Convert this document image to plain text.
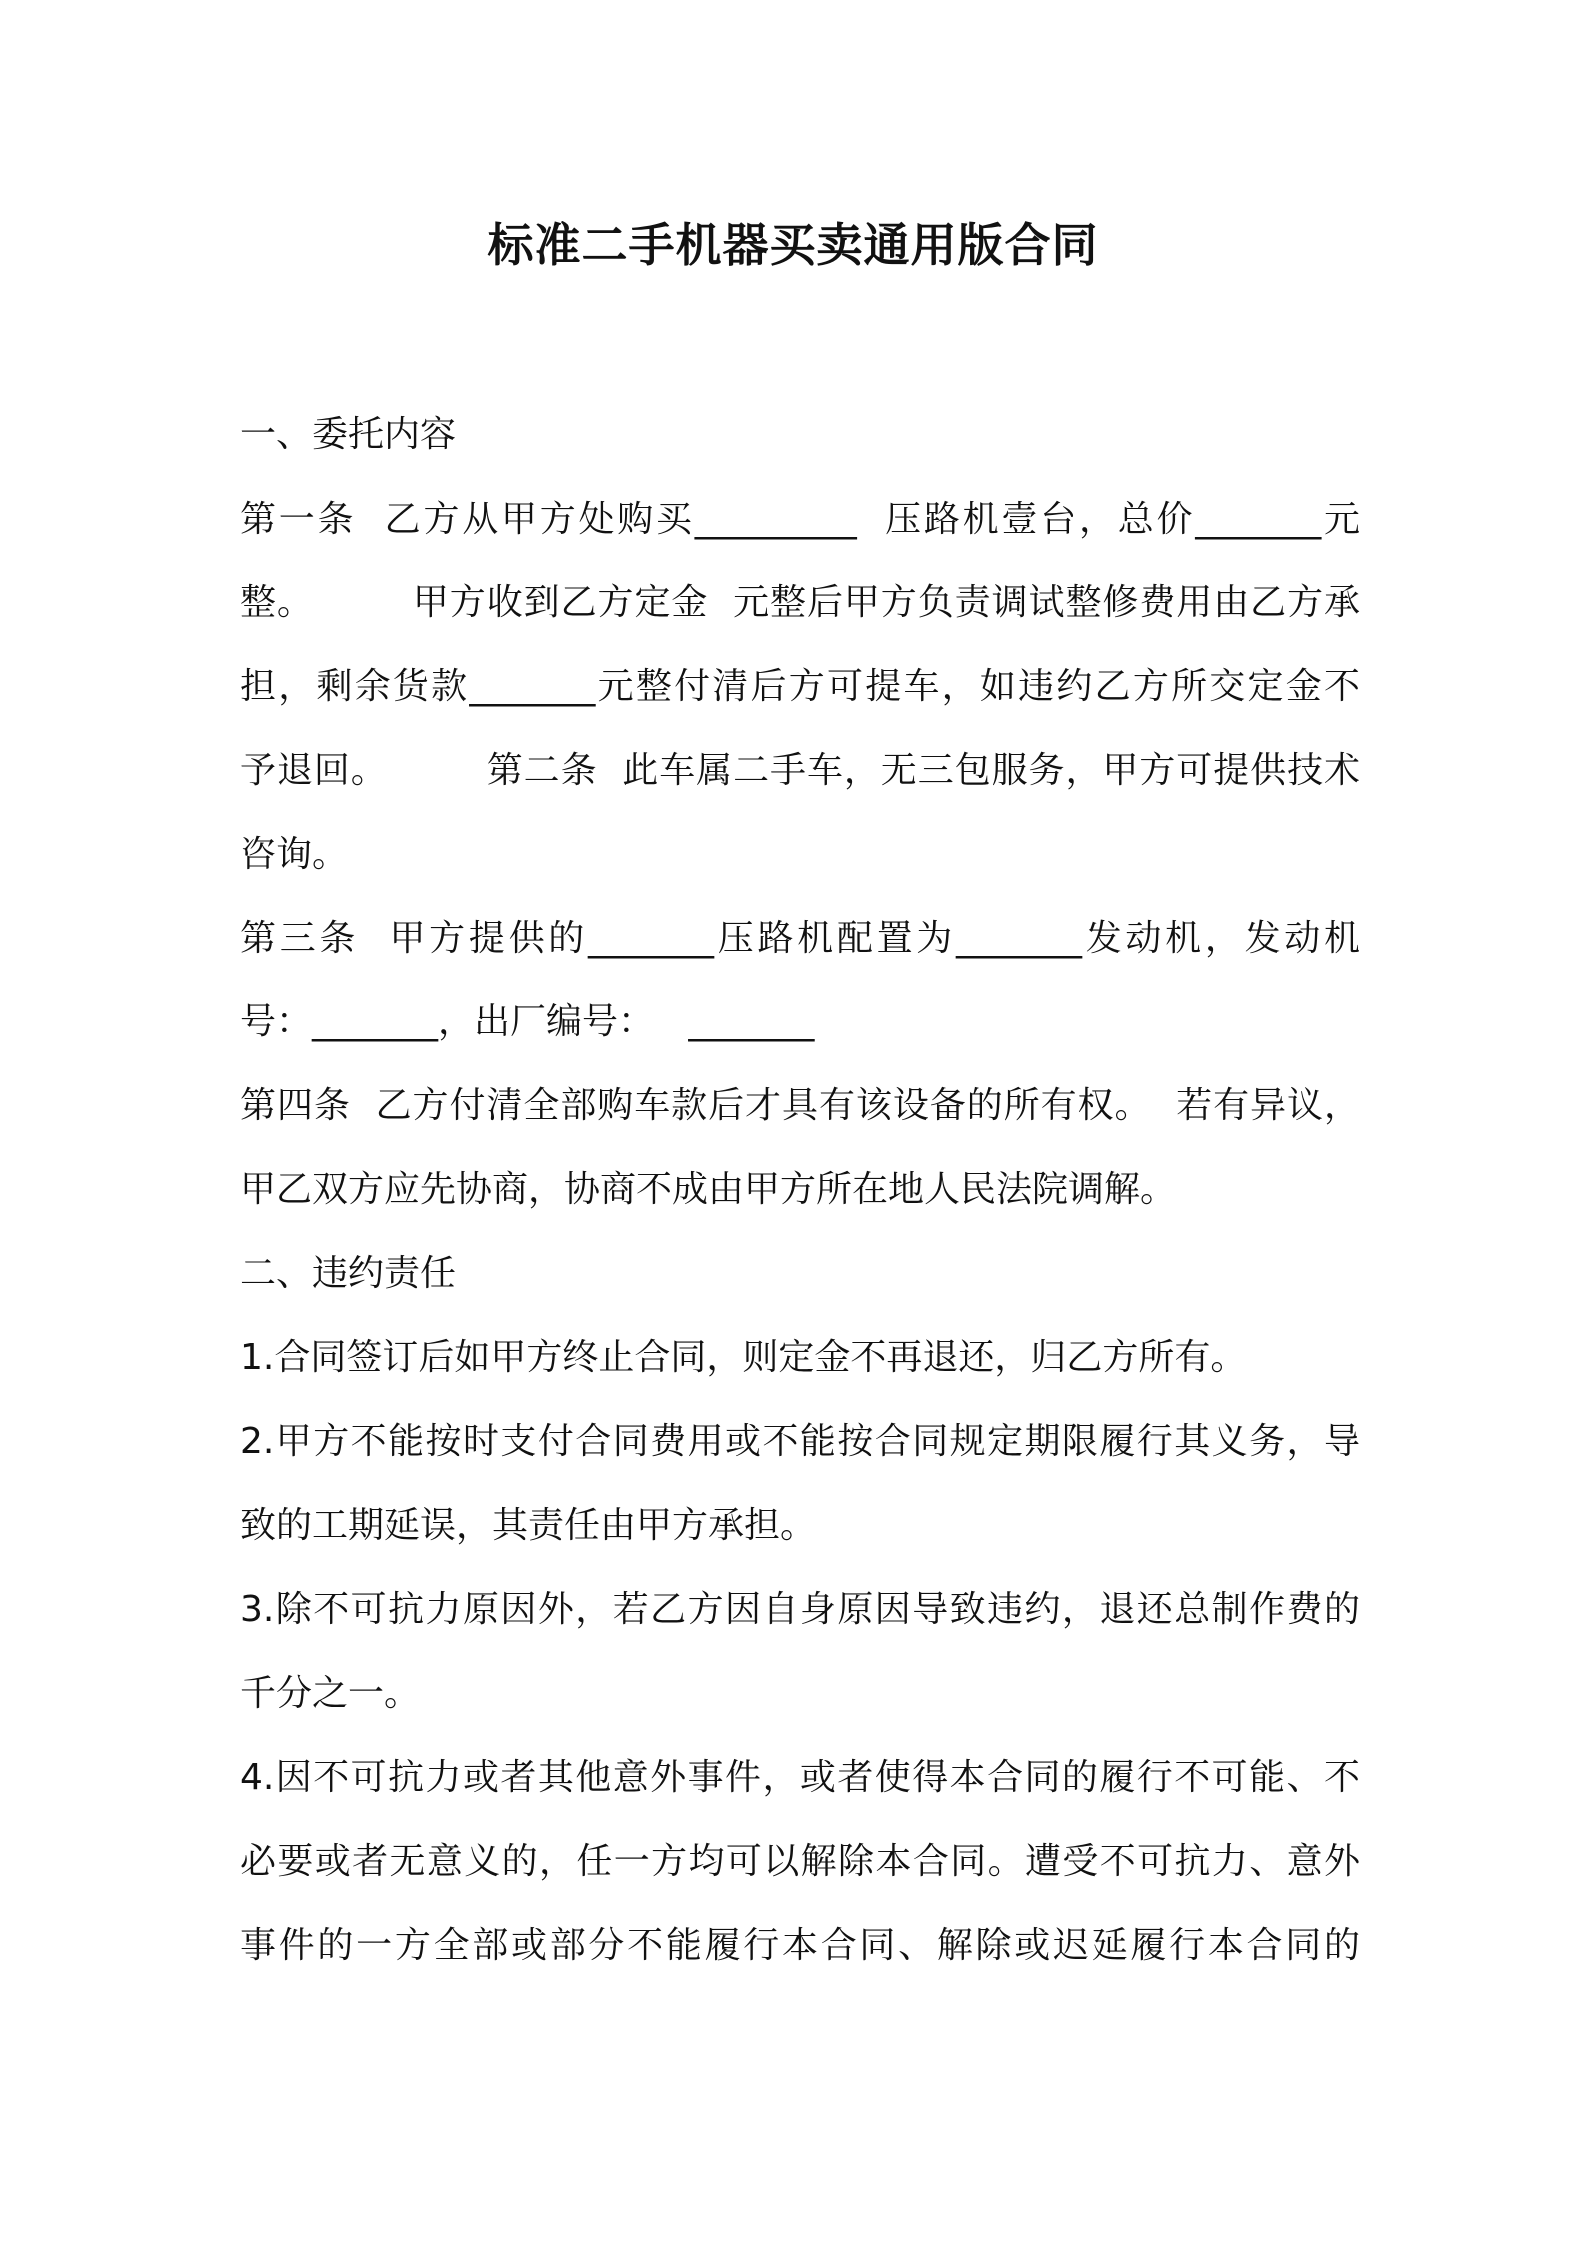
标准二手机器买卖通用版合同
一、委托内容
第一条  乙方从甲方处购买_________  压路机壹台，总价_______元
整。        甲方收到乙方定金  元整后甲方负责调试整修费用由乙方承
担，剩余货款_______元整付清后方可提车，如违约乙方所交定金不
予退回。        第二条  此车属二手车，无三包服务，甲方可提供技术
咨询。
第三条  甲方提供的_______压路机配置为_______发动机，发动机
号：_______，出厂编号：   _______
第四条  乙方付清全部购车款后才具有该设备的所有权。  若有异议，
甲乙双方应先协商，协商不成由甲方所在地人民法院调解。
二、违约责任
1.合同签订后如甲方终止合同，则定金不再退还，归乙方所有。
2.甲方不能按时支付合同费用或不能按合同规定期限履行其义务，导
致的工期延误，其责任由甲方承担。
3.除不可抗力原因外，若乙方因自身原因导致违约，退还总制作费的
千分之一。
4.因不可抗力或者其他意外事件，或者使得本合同的履行不可能、不
必要或者无意义的，任一方均可以解除本合同。遭受不可抗力、意外
事件的一方全部或部分不能履行本合同、解除或迟延履行本合同的
